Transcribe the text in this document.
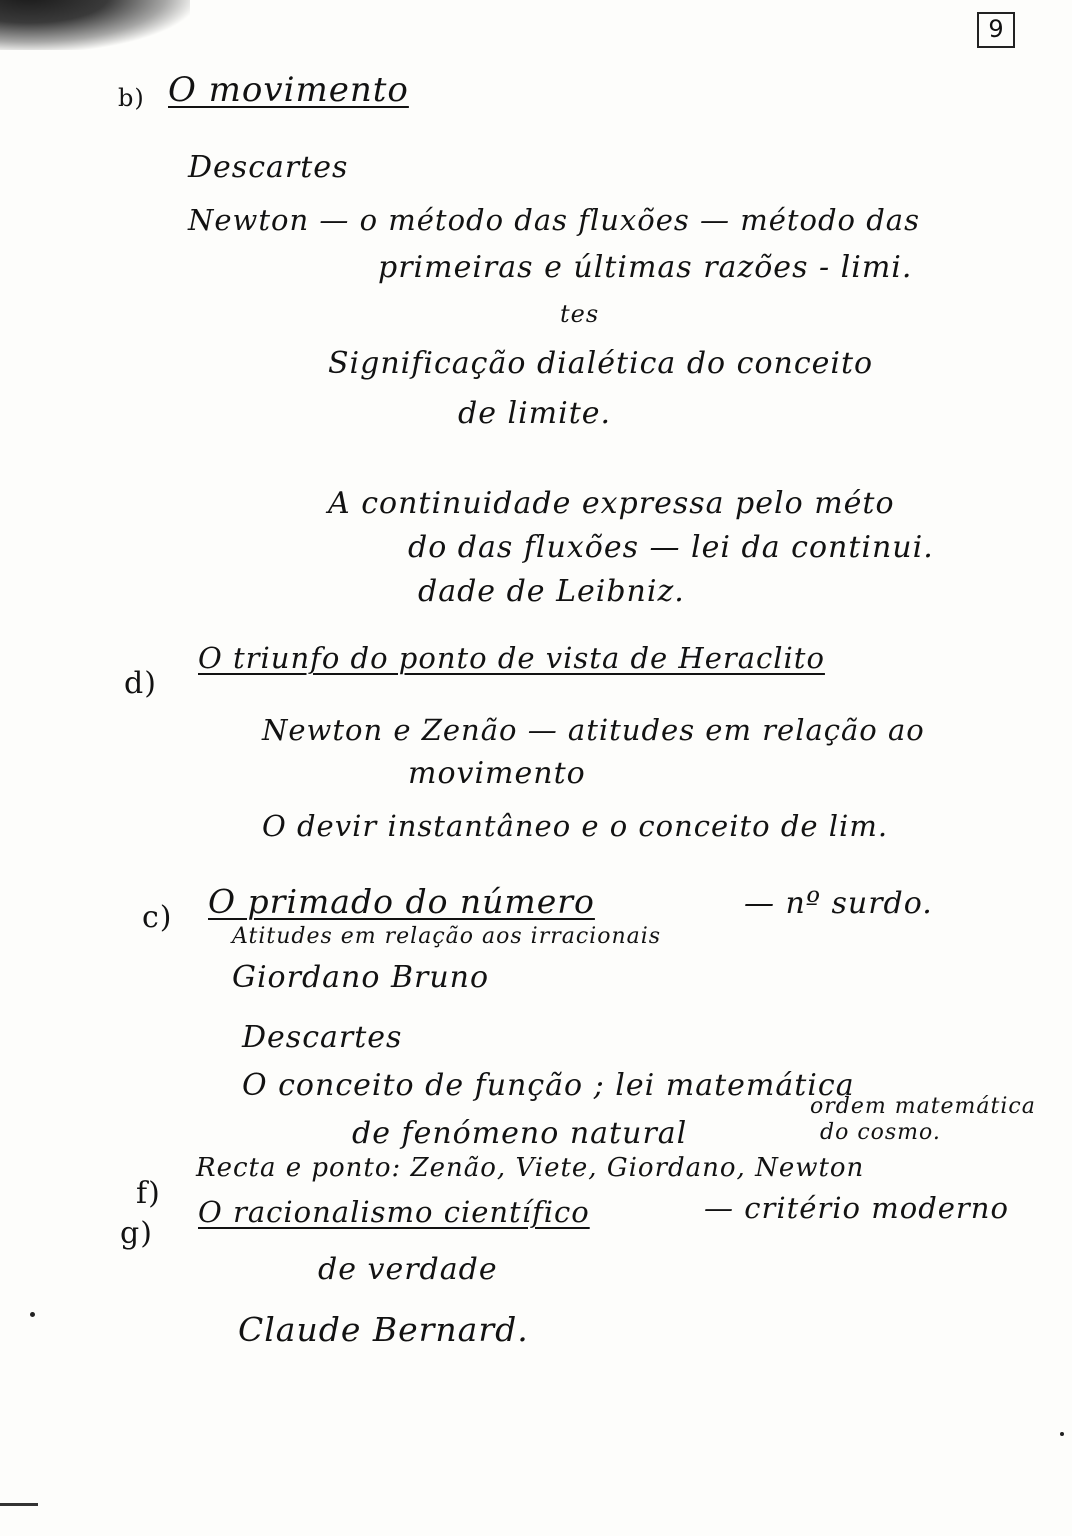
9
b) O movimento
Descartes
Newton — o método das fluxões — método das
primeiras e últimas razões - limi.
tes
Significação dialética do conceito
de limite.
A continuidade expressa pelo méto
do das fluxões — lei da continui.
dade de Leibniz.
d)
O triunfo do ponto de vista de Heraclito
Newton e Zenão — atitudes em relação ao
movimento
O devir instantâneo e o conceito de lim.
c) O primado do número	— nº surdo.
Atitudes em relação aos irracionais
Giordano Bruno
Descartes
O conceito de função ; lei matemática
de fenómeno natural
ordem matemática
do cosmo.
f)
Recta e ponto: Zenão, Viete, Giordano, Newton
g)
O racionalismo científico	— critério moderno
de verdade
Claude Bernard.
